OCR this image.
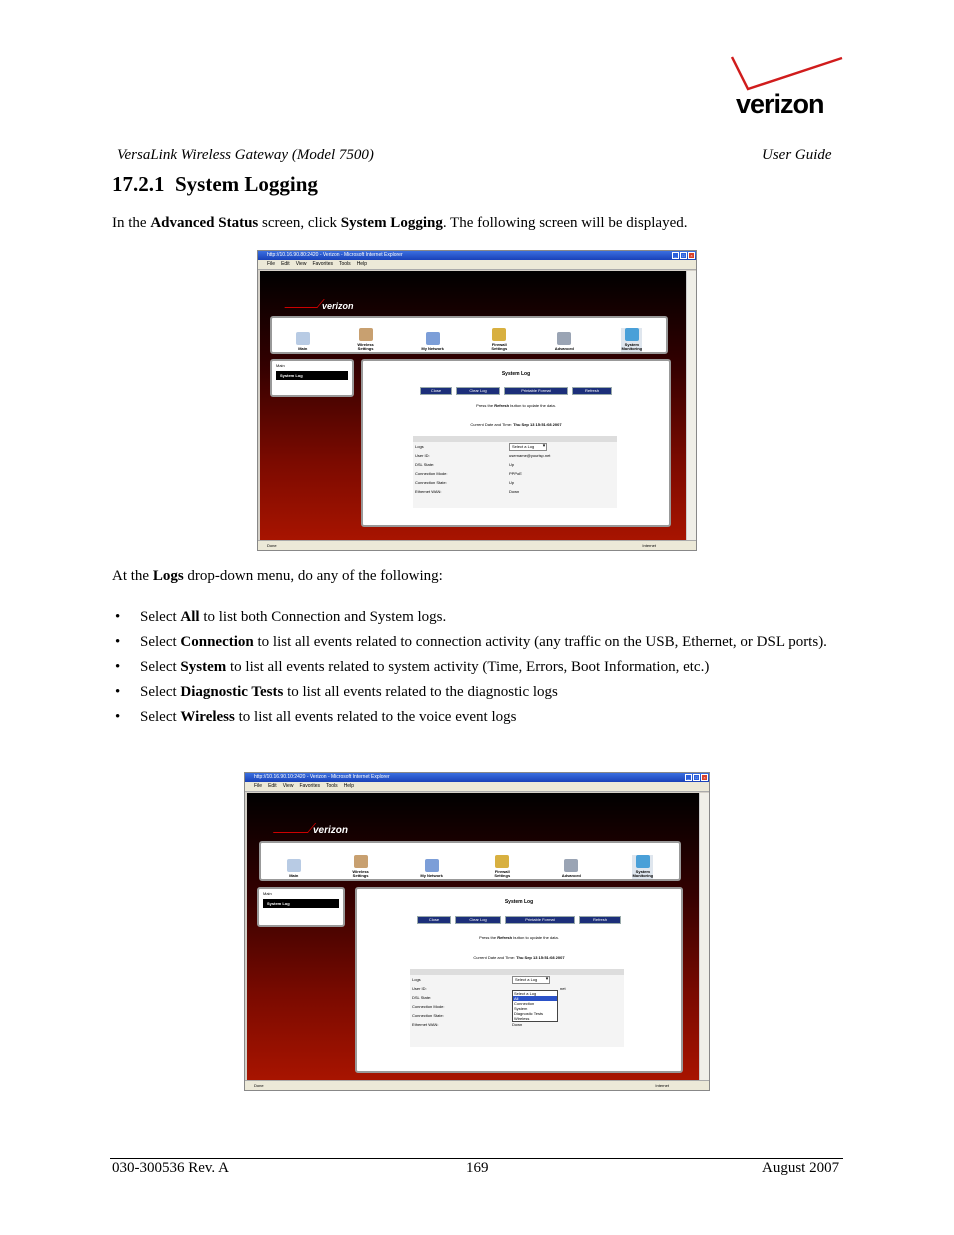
verizon
VersaLink Wireless Gateway (Model 7500)	User Guide
17.2.1 System Logging
In the Advanced Status screen, click System Logging. The following screen will be displayed.
http://10.16.90.80:2420 - Verizon - Microsoft Internet Explorer	_	□	×
File Edit View Favorites Tools Help
verizon
Main
Wireless
Settings	My Network
Firewall
Settings	Advanced
System
Monitoring
Main
System Log	System Log
Close	Clear Log	Printable Format	Refresh
Press the Refresh button to update the data.
Current Date and Time: Thu Sep 13 15:51:08 2007
Logs	Select a Log ▾
User ID:	username@yourisp.net
DSL State:	Up
Connection Mode:	PPPoE
Connection State:	Up
Ethernet WAN:	Down
Done	Internet
At the Logs drop-down menu, do any of the following:
• Select All to list both Connection and System logs.
• Select Connection to list all events related to connection activity (any traffic on the USB, Ethernet, or DSL ports).
• Select System to list all events related to system activity (Time, Errors, Boot Information, etc.)
• Select Diagnostic Tests to list all events related to the diagnostic logs
• Select Wireless to list all events related to the voice event logs
http://10.16.90.10:2420 - Verizon - Microsoft Internet Explorer	_	□	×
File Edit View Favorites Tools Help
verizon
Main
Wireless
Settings	My Network
Firewall
Settings	Advanced
System
Monitoring
Main
System Log	System Log
Close	Clear Log	Printable Format	Refresh
Press the Refresh button to update the data.
Current Date and Time: Thu Sep 13 15:51:08 2007
Logs	Select a Log ▾
User ID:	net
DSL State:
Connection Mode:
Connection State:
Ethernet WAN:	Down
Select a Log
All
Connection
System
Diagnostic Tests
Wireless
Done	Internet
030-300536 Rev. A	169	August 2007
